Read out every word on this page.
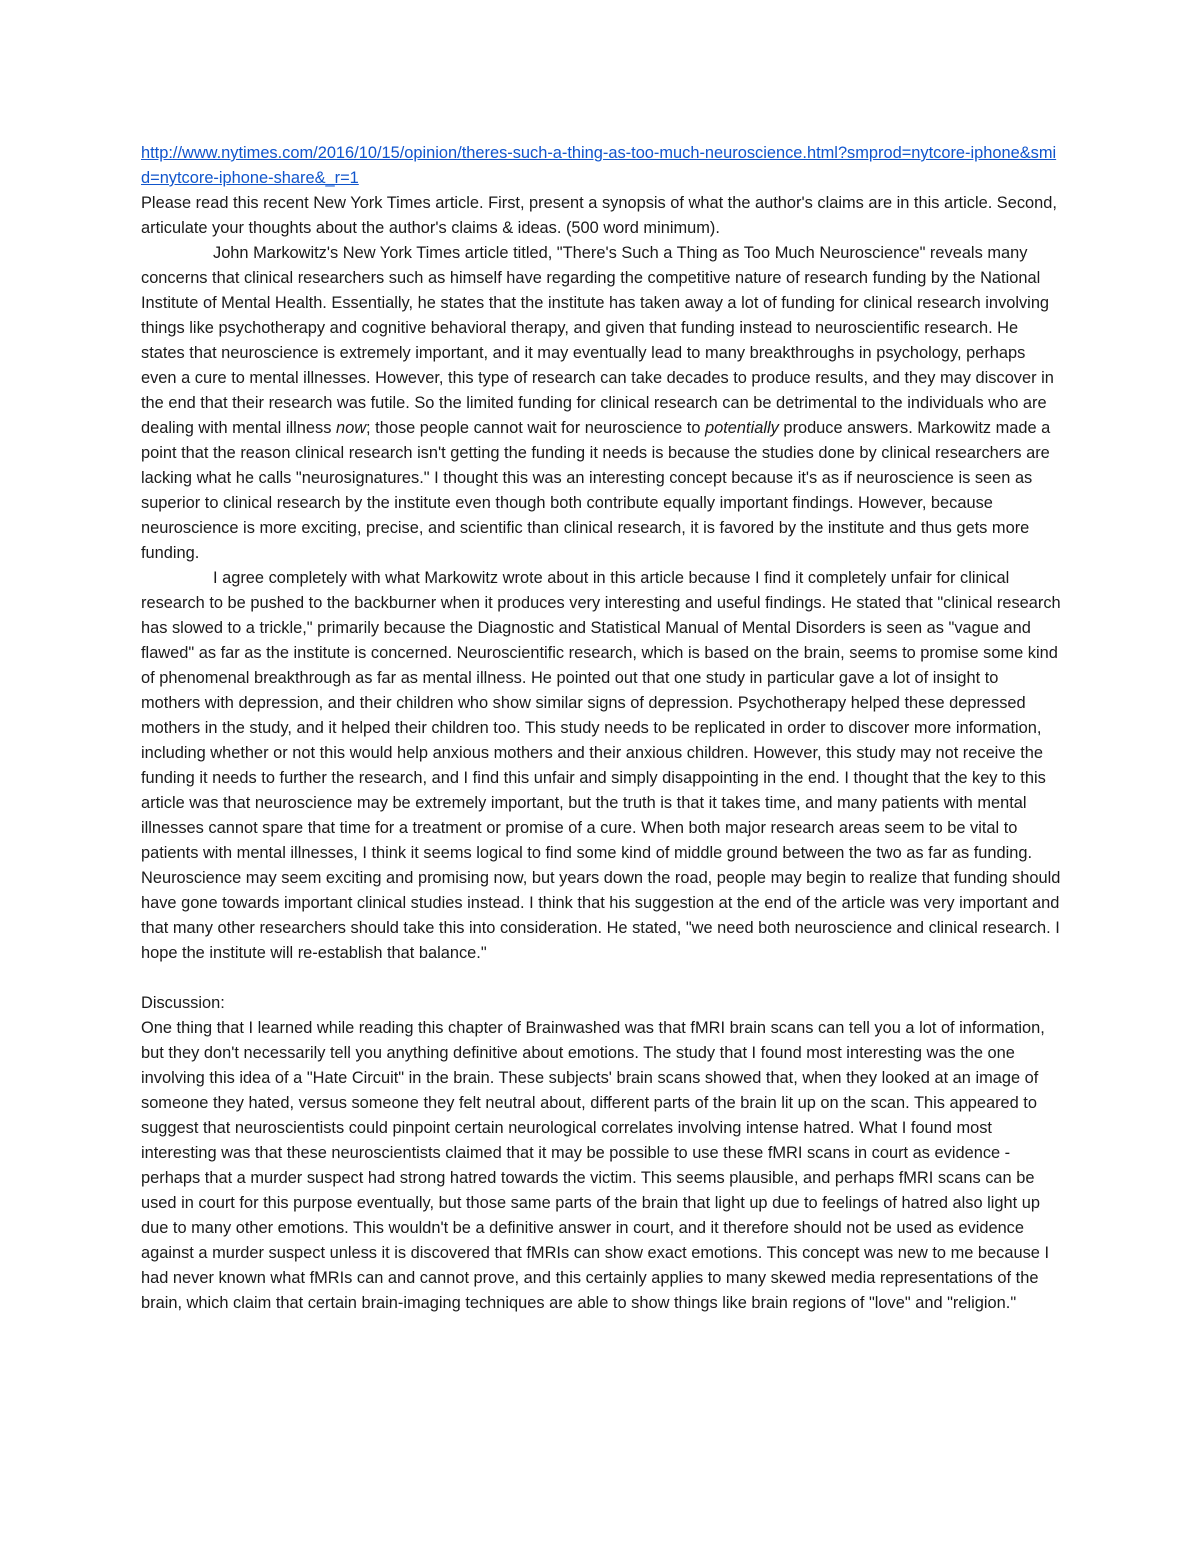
http://www.nytimes.com/2016/10/15/opinion/theres-such-a-thing-as-too-much-neuroscience.html?smprod=nytcore-iphone&smid=nytcore-iphone-share&_r=1

Please read this recent New York Times article. First, present a synopsis of what the author's claims are in this article. Second, articulate your thoughts about the author's claims & ideas. (500 word minimum).

John Markowitz's New York Times article titled, "There's Such a Thing as Too Much Neuroscience" reveals many concerns that clinical researchers such as himself have regarding the competitive nature of research funding by the National Institute of Mental Health. Essentially, he states that the institute has taken away a lot of funding for clinical research involving things like psychotherapy and cognitive behavioral therapy, and given that funding instead to neuroscientific research. He states that neuroscience is extremely important, and it may eventually lead to many breakthroughs in psychology, perhaps even a cure to mental illnesses. However, this type of research can take decades to produce results, and they may discover in the end that their research was futile. So the limited funding for clinical research can be detrimental to the individuals who are dealing with mental illness now; those people cannot wait for neuroscience to potentially produce answers. Markowitz made a point that the reason clinical research isn't getting the funding it needs is because the studies done by clinical researchers are lacking what he calls "neurosignatures." I thought this was an interesting concept because it's as if neuroscience is seen as superior to clinical research by the institute even though both contribute equally important findings. However, because neuroscience is more exciting, precise, and scientific than clinical research, it is favored by the institute and thus gets more funding.

I agree completely with what Markowitz wrote about in this article because I find it completely unfair for clinical research to be pushed to the backburner when it produces very interesting and useful findings. He stated that "clinical research has slowed to a trickle," primarily because the Diagnostic and Statistical Manual of Mental Disorders is seen as "vague and flawed" as far as the institute is concerned. Neuroscientific research, which is based on the brain, seems to promise some kind of phenomenal breakthrough as far as mental illness. He pointed out that one study in particular gave a lot of insight to mothers with depression, and their children who show similar signs of depression. Psychotherapy helped these depressed mothers in the study, and it helped their children too. This study needs to be replicated in order to discover more information, including whether or not this would help anxious mothers and their anxious children. However, this study may not receive the funding it needs to further the research, and I find this unfair and simply disappointing in the end. I thought that the key to this article was that neuroscience may be extremely important, but the truth is that it takes time, and many patients with mental illnesses cannot spare that time for a treatment or promise of a cure. When both major research areas seem to be vital to patients with mental illnesses, I think it seems logical to find some kind of middle ground between the two as far as funding. Neuroscience may seem exciting and promising now, but years down the road, people may begin to realize that funding should have gone towards important clinical studies instead. I think that his suggestion at the end of the article was very important and that many other researchers should take this into consideration. He stated, "we need both neuroscience and clinical research. I hope the institute will re-establish that balance."

Discussion:

One thing that I learned while reading this chapter of Brainwashed was that fMRI brain scans can tell you a lot of information, but they don't necessarily tell you anything definitive about emotions. The study that I found most interesting was the one involving this idea of a "Hate Circuit" in the brain. These subjects' brain scans showed that, when they looked at an image of someone they hated, versus someone they felt neutral about, different parts of the brain lit up on the scan. This appeared to suggest that neuroscientists could pinpoint certain neurological correlates involving intense hatred. What I found most interesting was that these neuroscientists claimed that it may be possible to use these fMRI scans in court as evidence - perhaps that a murder suspect had strong hatred towards the victim. This seems plausible, and perhaps fMRI scans can be used in court for this purpose eventually, but those same parts of the brain that light up due to feelings of hatred also light up due to many other emotions. This wouldn't be a definitive answer in court, and it therefore should not be used as evidence against a murder suspect unless it is discovered that fMRIs can show exact emotions. This concept was new to me because I had never known what fMRIs can and cannot prove, and this certainly applies to many skewed media representations of the brain, which claim that certain brain-imaging techniques are able to show things like brain regions of "love" and "religion."
